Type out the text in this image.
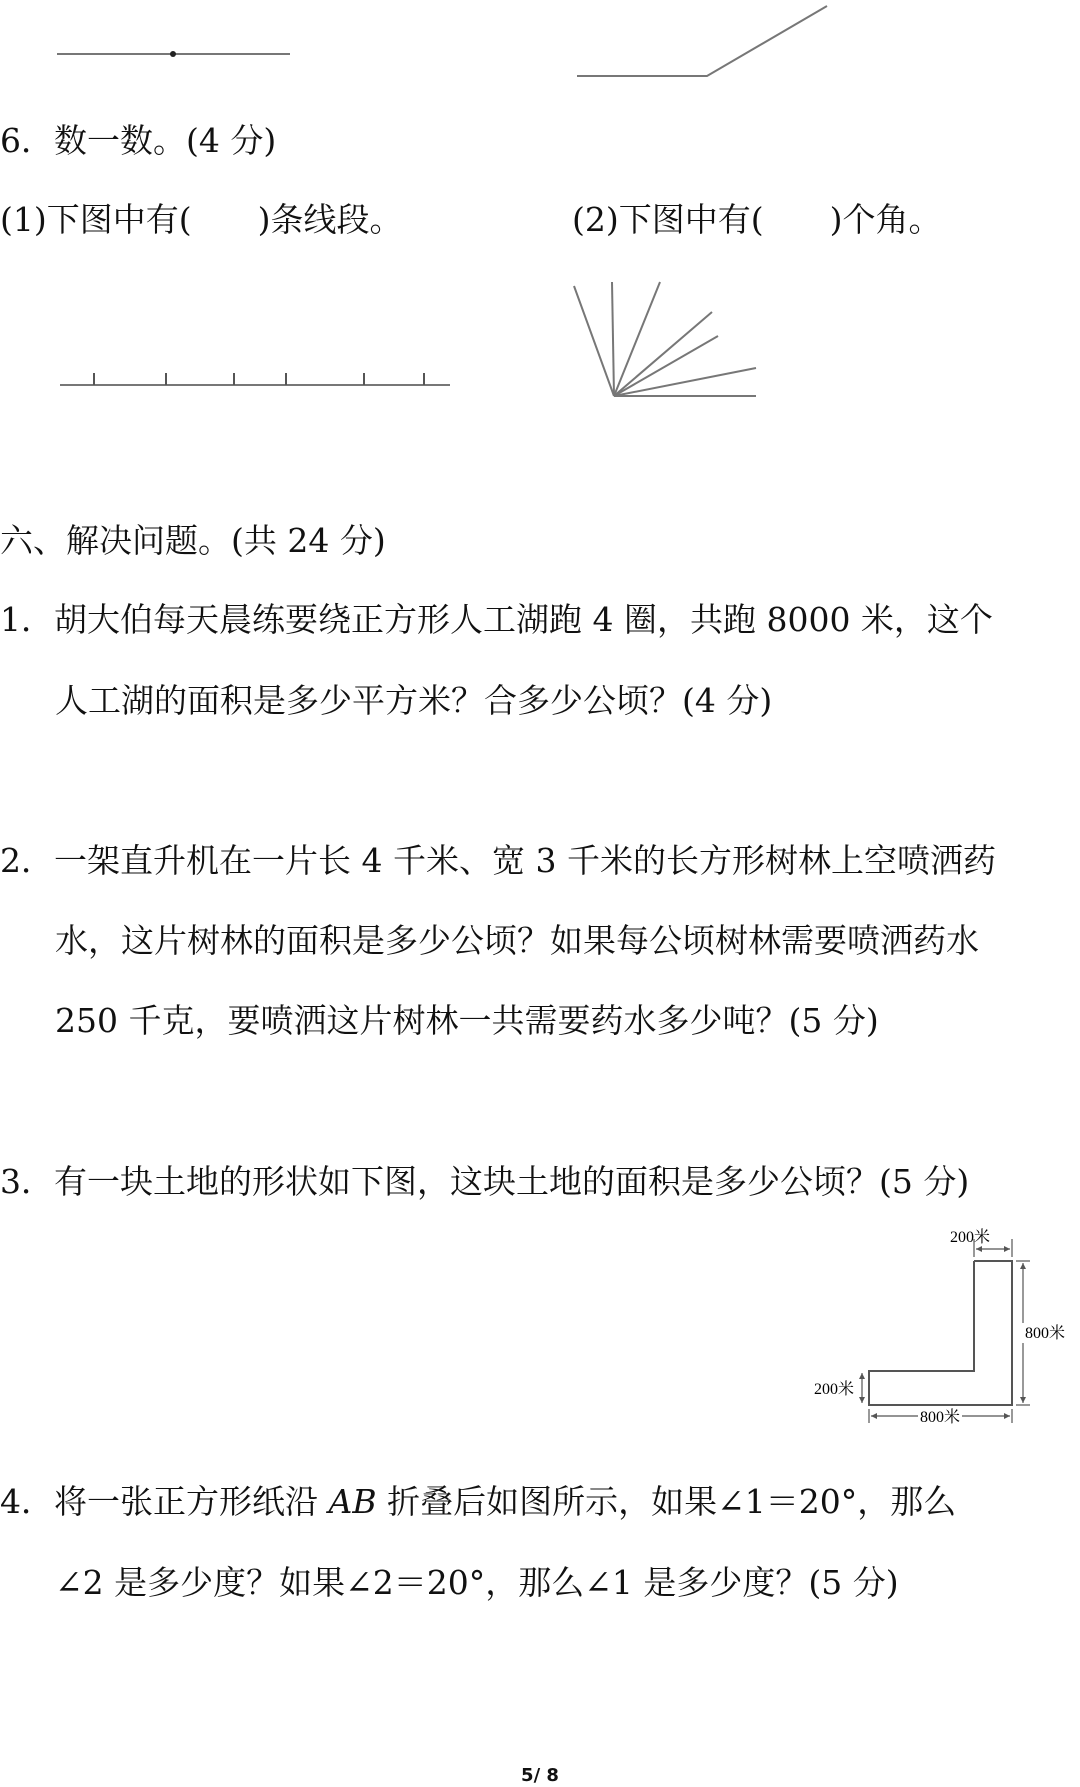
6．数一数。(4 分)
(1)下图中有(　　)条线段。	(2)下图中有(　　)个角。
六、解决问题。(共 24 分)
1．胡大伯每天晨练要绕正方形人工湖跑 4 圈，共跑 8000 米，这个
人工湖的面积是多少平方米？合多少公顷？(4 分)
2．一架直升机在一片长 4 千米、宽 3 千米的长方形树林上空喷洒药
水，这片树林的面积是多少公顷？如果每公顷树林需要喷洒药水
250 千克，要喷洒这片树林一共需要药水多少吨？(5 分)
3．有一块土地的形状如下图，这块土地的面积是多少公顷？(5 分)
200米
800米
200米
800米
4．将一张正方形纸沿 AB 折叠后如图所示，如果∠1＝20°，那么
∠2 是多少度？如果∠2＝20°，那么∠1 是多少度？(5 分)
5/ 8
